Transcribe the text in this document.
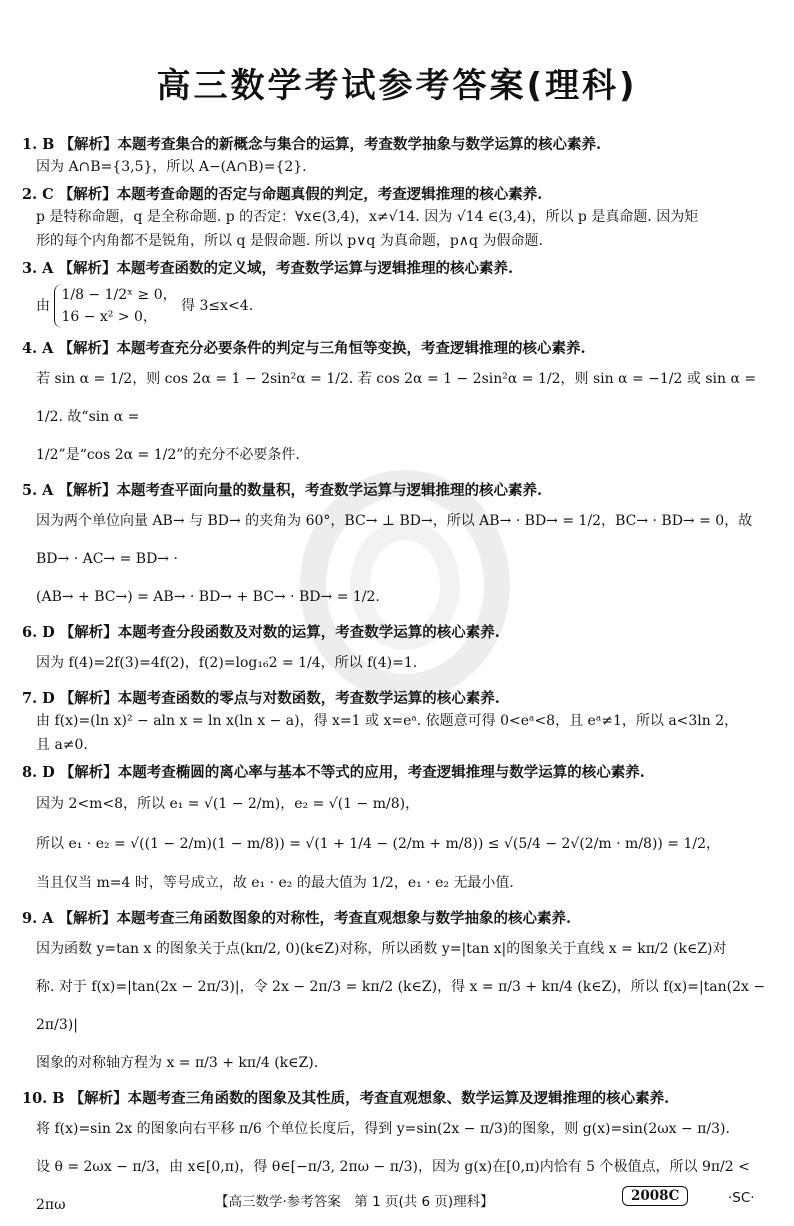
高三数学考试参考答案(理科)
1. B 【解析】本题考查集合的新概念与集合的运算，考查数学抽象与数学运算的核心素养.
因为 A∩B={3,5}，所以 A−(A∩B)={2}.
2. C 【解析】本题考查命题的否定与命题真假的判定，考查逻辑推理的核心素养.
p 是特称命题，q 是全称命题. p 的否定：∀x∈(3,4)，x≠√14. 因为 √14 ∈(3,4)，所以 p 是真命题. 因为矩
形的每个内角都不是锐角，所以 q 是假命题. 所以 p∨q 为真命题，p∧q 为假命题.
3. A 【解析】本题考查函数的定义域，考查数学运算与逻辑推理的核心素养.
由 1/8 − 1/2ˣ ≥ 0，
16 − x² > 0， 得 3≤x<4.
4. A 【解析】本题考查充分必要条件的判定与三角恒等变换，考查逻辑推理的核心素养.
若 sin α = 1/2，则 cos 2α = 1 − 2sin²α = 1/2. 若 cos 2α = 1 − 2sin²α = 1/2，则 sin α = −1/2 或 sin α = 1/2. 故“sin α =
1/2”是“cos 2α = 1/2”的充分不必要条件.
5. A 【解析】本题考查平面向量的数量积，考查数学运算与逻辑推理的核心素养.
因为两个单位向量 AB→ 与 BD→ 的夹角为 60°，BC→ ⊥ BD→，所以 AB→ · BD→ = 1/2，BC→ · BD→ = 0，故 BD→ · AC→ = BD→ ·
(AB→ + BC→) = AB→ · BD→ + BC→ · BD→ = 1/2.
6. D 【解析】本题考查分段函数及对数的运算，考查数学运算的核心素养.
因为 f(4)=2f(3)=4f(2)，f(2)=log₁₆2 = 1/4，所以 f(4)=1.
7. D 【解析】本题考查函数的零点与对数函数，考查数学运算的核心素养.
由 f(x)=(ln x)² − aln x = ln x(ln x − a)，得 x=1 或 x=eᵃ. 依题意可得 0<eᵃ<8，且 eᵃ≠1，所以 a<3ln 2，
且 a≠0.
8. D 【解析】本题考查椭圆的离心率与基本不等式的应用，考查逻辑推理与数学运算的核心素养.
因为 2<m<8，所以 e₁ = √(1 − 2/m)，e₂ = √(1 − m/8)，
所以 e₁ · e₂ = √((1 − 2/m)(1 − m/8)) = √(1 + 1/4 − (2/m + m/8)) ≤ √(5/4 − 2√(2/m · m/8)) = 1/2，
当且仅当 m=4 时，等号成立，故 e₁ · e₂ 的最大值为 1/2，e₁ · e₂ 无最小值.
9. A 【解析】本题考查三角函数图象的对称性，考查直观想象与数学抽象的核心素养.
因为函数 y=tan x 的图象关于点(kπ/2, 0)(k∈Z)对称，所以函数 y=|tan x|的图象关于直线 x = kπ/2 (k∈Z)对
称. 对于 f(x)=|tan(2x − 2π/3)|，令 2x − 2π/3 = kπ/2 (k∈Z)，得 x = π/3 + kπ/4 (k∈Z)，所以 f(x)=|tan(2x − 2π/3)|
图象的对称轴方程为 x = π/3 + kπ/4 (k∈Z).
10. B 【解析】本题考查三角函数的图象及其性质，考查直观想象、数学运算及逻辑推理的核心素养.
将 f(x)=sin 2x 的图象向右平移 π/6 个单位长度后，得到 y=sin(2x − π/3)的图象，则 g(x)=sin(2ωx − π/3).
设 θ = 2ωx − π/3，由 x∈[0,π)，得 θ∈[−π/3, 2πω − π/3)，因为 g(x)在[0,π)内恰有 5 个极值点，所以 9π/2 < 2πω	【高三数学·参考答案　第 1 页(共 6 页)理科】	2008C	·SC·
